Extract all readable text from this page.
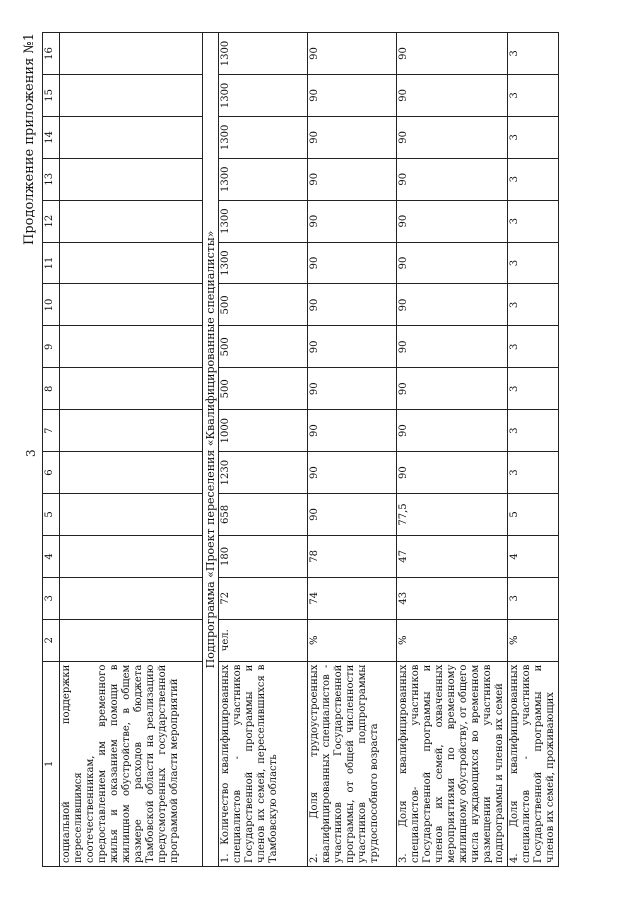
Продолжение приложения №1
3
1	2	3	4	5	6	7	8	9	10	11	12	13	14	15	16
социальной поддержки переселившимся соотечественникам, предоставлением им временного жилья и оказанием помощи в жилищном обустройстве, в общем размере расходов бюджета Тамбовской области на реализацию предусмотренных государственной программой области мероприятий															
Подпрограмма «Проект переселения «Квалифицированные специалисты»															
1. Количество квалифицированных специалистов - участников Государственной программы и членов их семей, переселившихся в Тамбовскую область	чел.	72	180	658	1230	1000	500	500	500	1300	1300	1300	1300	1300	1300
2. Доля трудоустроенных квалифицированных специалистов - участников Государственной программы, от общей численности участников подпрограммы трудоспособного возраста	%	74	78	90	90	90	90	90	90	90	90	90	90	90	90
3. Доля квалифицированных специалистов- участников Государственной программы и членов их семей, охваченных мероприятиями по временному жилищному обустройству, от общего числа нуждающихся во временном размещении участников подпрограммы и членов их семей	%	43	47	77,5	90	90	90	90	90	90	90	90	90	90	90
4. Доля квалифицированных специалистов - участников Государственной программы и членов их семей, проживающих	%	3	4	5	3	3	3	3	3	3	3	3	3	3	3
